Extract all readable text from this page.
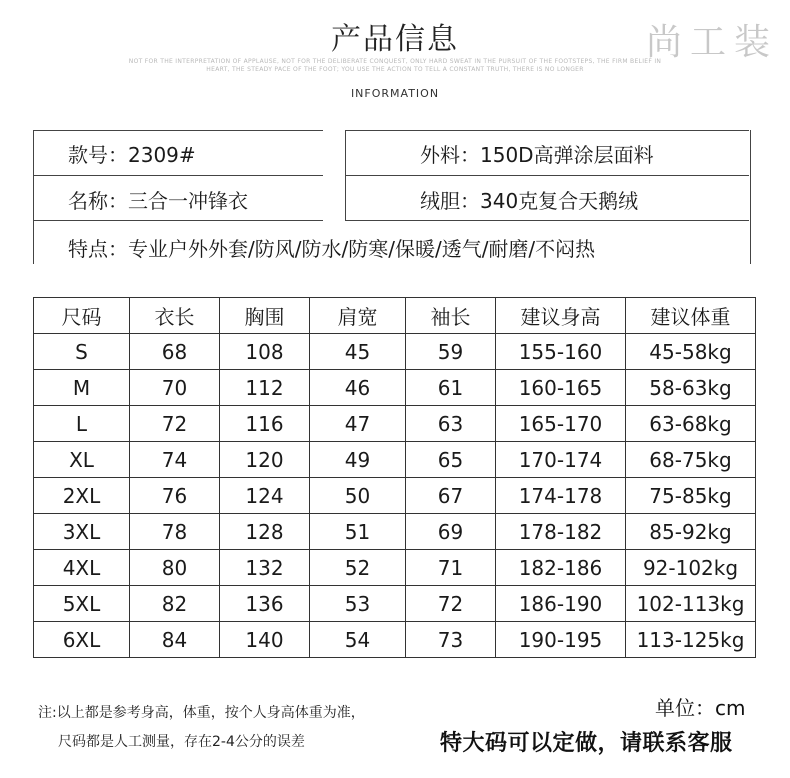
产品信息	尚工装
NOT FOR THE INTERPRETATION OF APPLAUSE, NOT FOR THE DELIBERATE CONQUEST, ONLY HARD SWEAT IN THE PURSUIT OF THE FOOTSTEPS, THE FIRM BELIEF IN
HEART, THE STEADY PACE OF THE FOOT; YOU USE THE ACTION TO TELL A CONSTANT TRUTH, THERE IS NO LONGER
INFORMATION
款号：2309#
名称：三合一冲锋衣
外料：150D高弹涂层面料
绒胆：340克复合天鹅绒
特点：专业户外外套/防风/防水/防寒/保暖/透气/耐磨/不闷热
尺码	衣长	胸围	肩宽	袖长	建议身高	建议体重
S	68	108	45	59	155-160	45-58kg
M	70	112	46	61	160-165	58-63kg
L	72	116	47	63	165-170	63-68kg
XL	74	120	49	65	170-174	68-75kg
2XL	76	124	50	67	174-178	75-85kg
3XL	78	128	51	69	178-182	85-92kg
4XL	80	132	52	71	182-186	92-102kg
5XL	82	136	53	72	186-190	102-113kg
6XL	84	140	54	73	190-195	113-125kg
注:以上都是参考身高，体重，按个人身高体重为准，
尺码都是人工测量，存在2-4公分的误差
单位：cm
特大码可以定做，请联系客服
